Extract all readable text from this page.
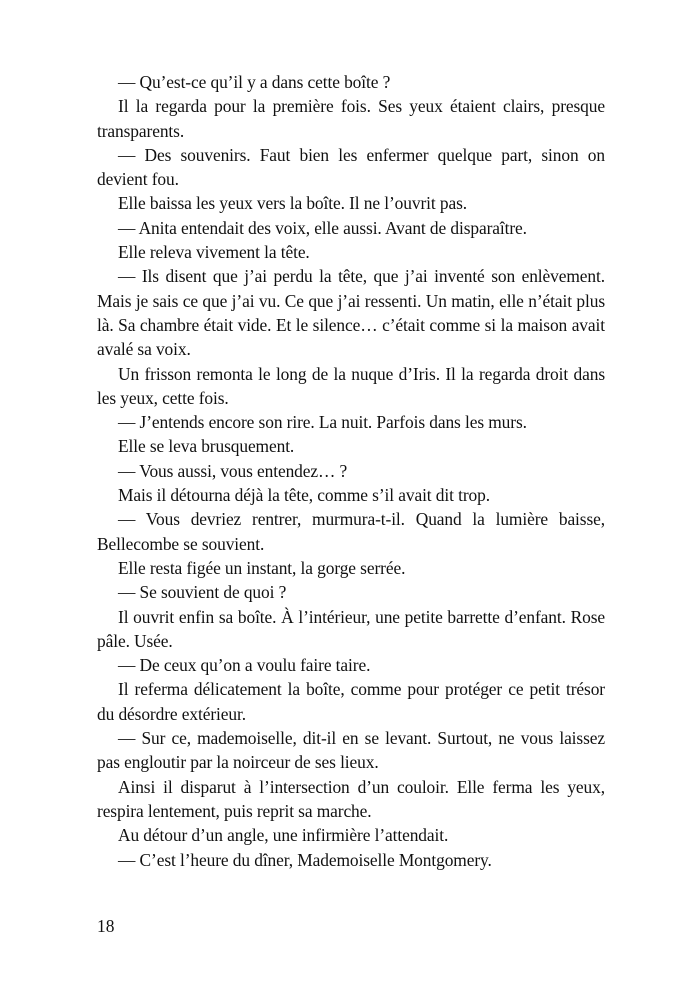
— Qu’est-ce qu’il y a dans cette boîte ?

Il la regarda pour la première fois. Ses yeux étaient clairs, presque transparents.

— Des souvenirs. Faut bien les enfermer quelque part, sinon on devient fou.

Elle baissa les yeux vers la boîte. Il ne l’ouvrit pas.

— Anita entendait des voix, elle aussi. Avant de disparaître.

Elle releva vivement la tête.

— Ils disent que j’ai perdu la tête, que j’ai inventé son enlèvement. Mais je sais ce que j’ai vu. Ce que j’ai ressenti. Un matin, elle n’était plus là. Sa chambre était vide. Et le silence… c’était comme si la maison avait avalé sa voix.

Un frisson remonta le long de la nuque d’Iris. Il la regarda droit dans les yeux, cette fois.

— J’entends encore son rire. La nuit. Parfois dans les murs.

Elle se leva brusquement.

— Vous aussi, vous entendez… ?

Mais il détourna déjà la tête, comme s’il avait dit trop.

— Vous devriez rentrer, murmura-t-il. Quand la lumière baisse, Bellecombe se souvient.

Elle resta figée un instant, la gorge serrée.

— Se souvient de quoi ?

Il ouvrit enfin sa boîte. À l’intérieur, une petite barrette d’enfant. Rose pâle. Usée.

— De ceux qu’on a voulu faire taire.

Il referma délicatement la boîte, comme pour protéger ce petit trésor du désordre extérieur.

— Sur ce, mademoiselle, dit-il en se levant. Surtout, ne vous laissez pas engloutir par la noirceur de ses lieux.

Ainsi il disparut à l’intersection d’un couloir. Elle ferma les yeux, respira lentement, puis reprit sa marche.

Au détour d’un angle, une infirmière l’attendait.

— C’est l’heure du dîner, Mademoiselle Montgomery.

18
